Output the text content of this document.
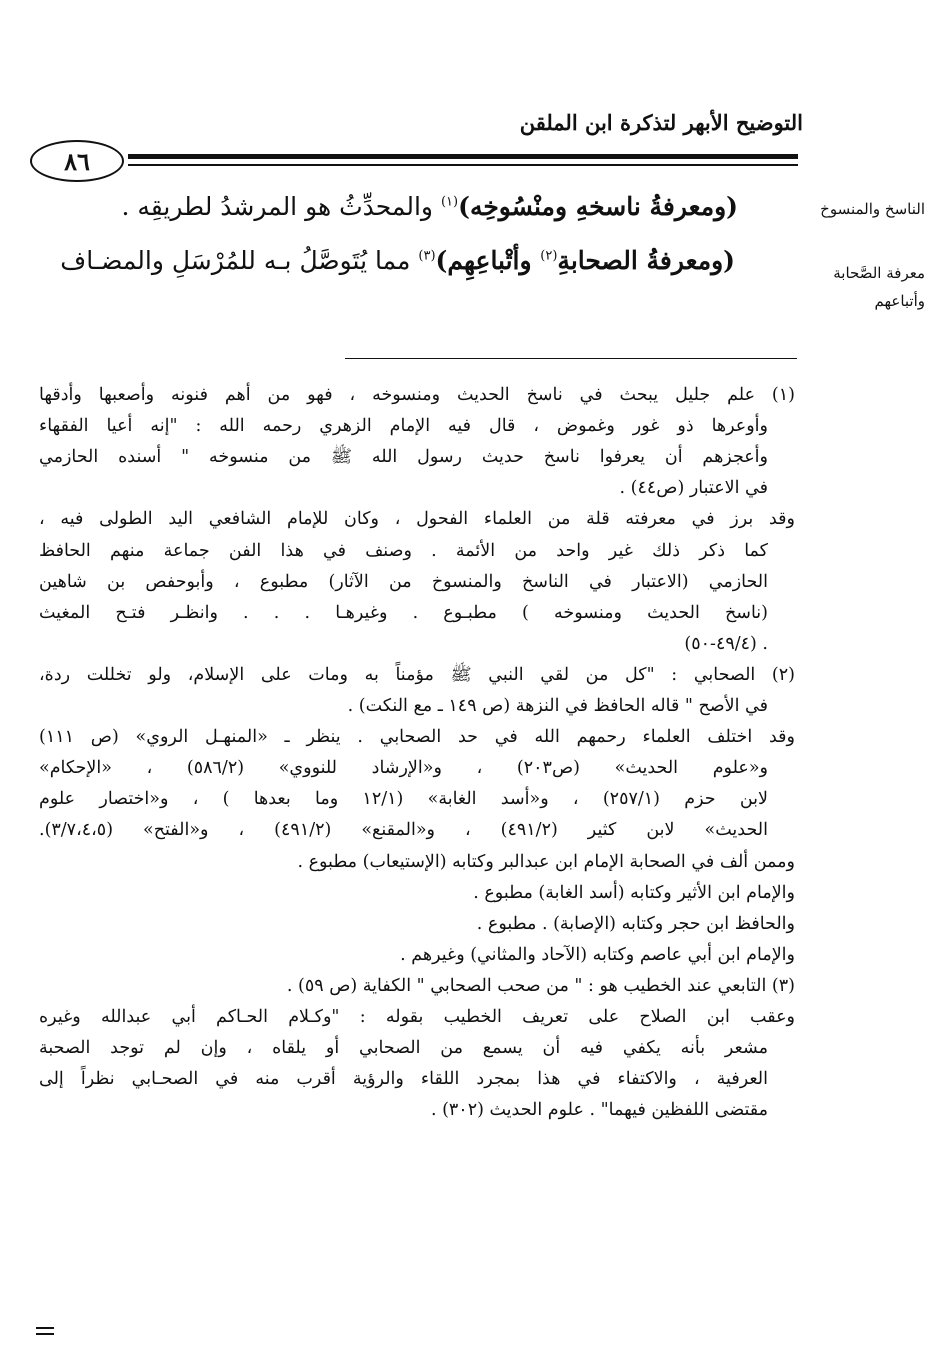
التوضيح الأبهر لتذكرة ابن الملقن
٨٦
الناسخ والمنسوخ
معرفة الصَّحابة
وأتباعهم
(ومعرفةُ ناسخهِ ومنْسُوخِه)$^{(١)}$ والمحدِّثُ هو المرشدُ لطريقِه .
(ومعرفةُ الصحابةِ$^{(٢)}$ وأتْباعِهِم)$^{(٣)}$ مما يُتَوصَّلُ بـه للمُرْسَلِ والمضـاف
(١) علم جليل يبحث في ناسخ الحديث ومنسوخه ، فهو من أهم فنونه وأصعبها وأدقها
وأوعرها ذو غور وغموض ، قال فيه الإمام الزهري رحمه الله : "إنه أعيا الفقهاء
وأعجزهم أن يعرفوا ناسخ حديث رسول الله ﷺ من منسوخه " أسنده الحازمي
في الاعتبار (ص٤٤) .
وقد برز في معرفته قلة من العلماء الفحول ، وكان للإمام الشافعي اليد الطولى فيه ،
كما ذكر ذلك غير واحد من الأئمة . وصنف في هذا الفن جماعة منهم الحافظ
الحازمي (الاعتبار في الناسخ والمنسوخ من الآثار) مطبوع ، وأبوحفص بن شاهين
(ناسخ الحديث ومنسوخه ) مطبـوع . وغيرهـا . . . وانظـر فتـح المغيث
(٤٩/٤-٥٠) .
(٢) الصحابي : "كل من لقي النبي ﷺ مؤمناً به ومات على الإسلام، ولو تخللت ردة،
في الأصح " قاله الحافظ في النزهة (ص ١٤٩ ـ مع النكت) .
وقد اختلف العلماء رحمهم الله في حد الصحابي . ينظر ـ «المنهـل الروي» (ص ١١١)
و«علوم الحديث» (ص٢٠٣) ، و«الإرشاد للنووي» (٥٨٦/٢) ، «الإحكام»
لابن حزم (٢٥٧/١) ، و«أسد الغابة» (١٢/١ وما بعدها ) ، و«اختصار علوم
الحديث» لابن كثير (٤٩١/٢) ، و«المقنع» (٤٩١/٢) ، و«الفتح» (٣/٧،٤،٥).
وممن ألف في الصحابة الإمام ابن عبدالبر وكتابه (الإستيعاب) مطبوع .
والإمام ابن الأثير وكتابه (أسد الغابة) مطبوع .
والحافظ ابن حجر وكتابه (الإصابة) . مطبوع .
والإمام ابن أبي عاصم وكتابه (الآحاد والمثاني) وغيرهم .
(٣) التابعي عند الخطيب هو : " من صحب الصحابي " الكفاية (ص ٥٩) .
وعقب ابن الصلاح على تعريف الخطيب بقوله : "وكـلام الحـاكم أبي عبدالله وغيره
مشعر بأنه يكفي فيه أن يسمع من الصحابي أو يلقاه ، وإن لم توجد الصحبة
العرفية ، والاكتفاء في هذا بمجرد اللقاء والرؤية أقرب منه في الصحـابي نظراً إلى
مقتضى اللفظين فيهما" . علوم الحديث (٣٠٢) .
